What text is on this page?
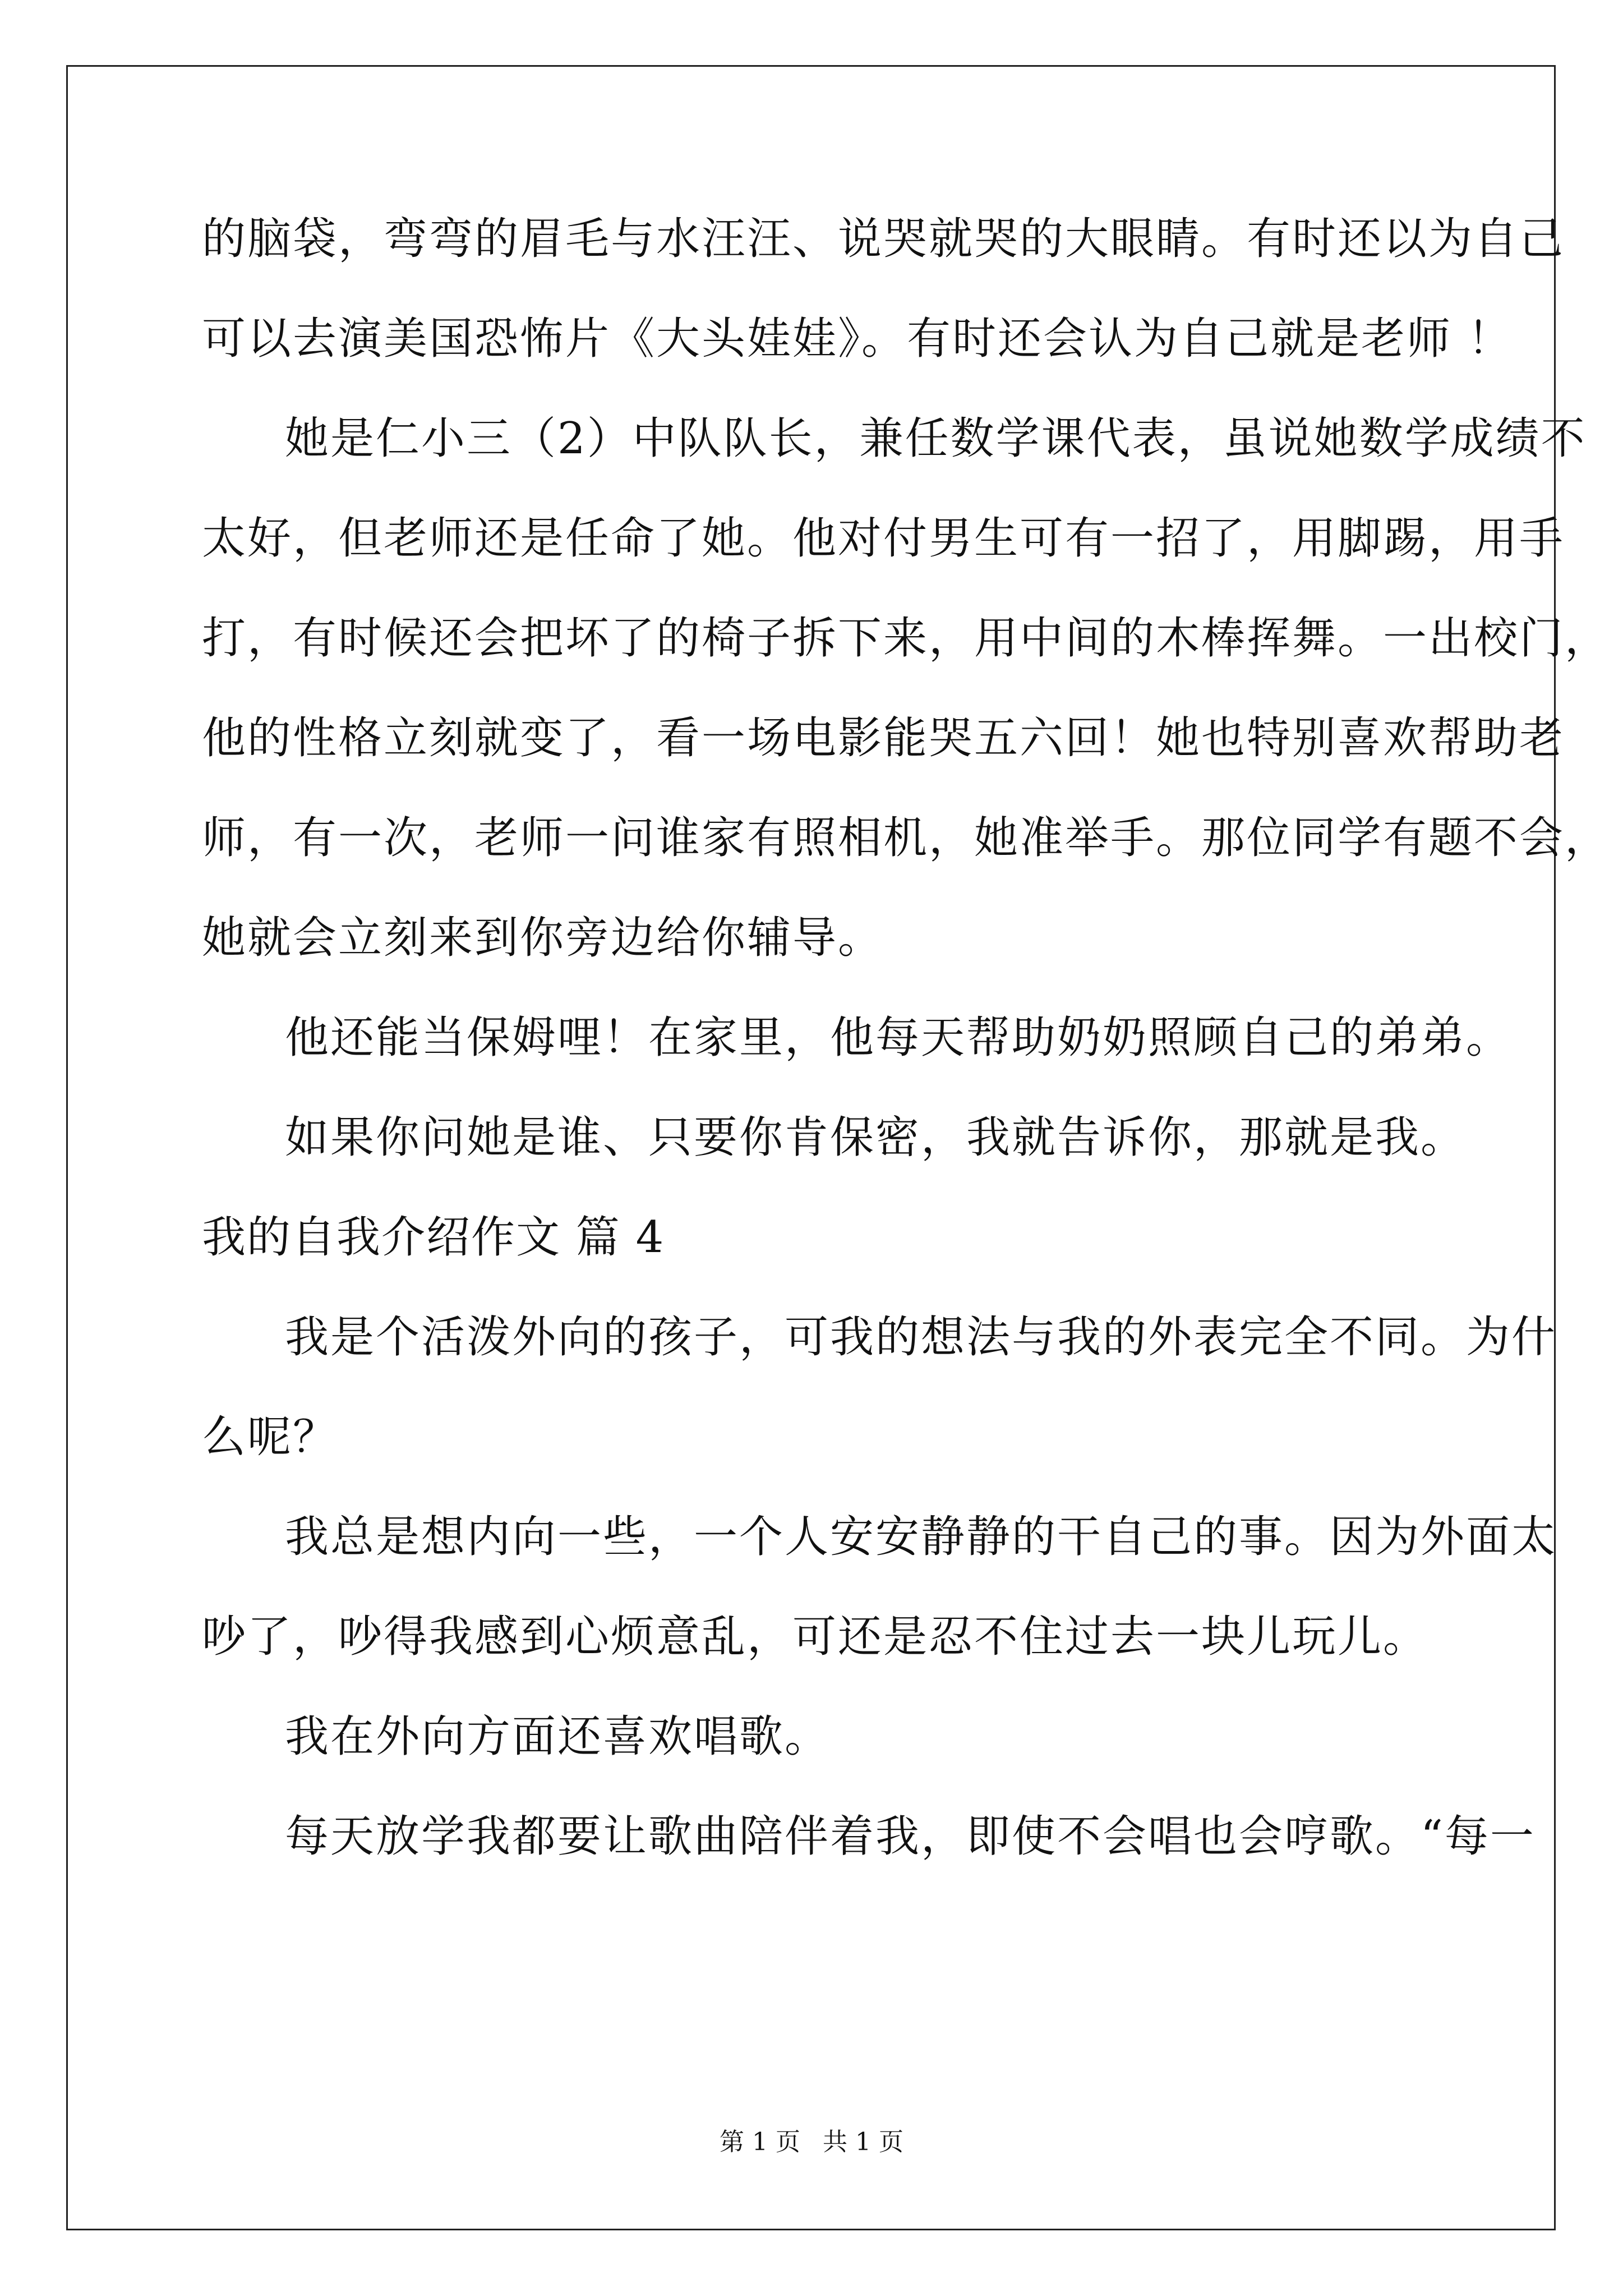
的脑袋，弯弯的眉毛与水汪汪、说哭就哭的大眼睛。有时还以为自己
可以去演美国恐怖片《大头娃娃》。有时还会认为自己就是老师 ！
她是仁小三（2）中队队长，兼任数学课代表，虽说她数学成绩不
太好，但老师还是任命了她。他对付男生可有一招了，用脚踢，用手
打，有时候还会把坏了的椅子拆下来，用中间的木棒挥舞。一出校门，
他的性格立刻就变了，看一场电影能哭五六回！她也特别喜欢帮助老
师，有一次，老师一问谁家有照相机，她准举手。那位同学有题不会，
她就会立刻来到你旁边给你辅导。
他还能当保姆哩！在家里，他每天帮助奶奶照顾自己的弟弟。
如果你问她是谁、只要你肯保密，我就告诉你，那就是我。
我的自我介绍作文 篇 4
我是个活泼外向的孩子，可我的想法与我的外表完全不同。为什
么呢？
我总是想内向一些，一个人安安静静的干自己的事。因为外面太
吵了，吵得我感到心烦意乱，可还是忍不住过去一块儿玩儿。
我在外向方面还喜欢唱歌。
每天放学我都要让歌曲陪伴着我，即使不会唱也会哼歌。“每一
第 1 页 共 1 页
